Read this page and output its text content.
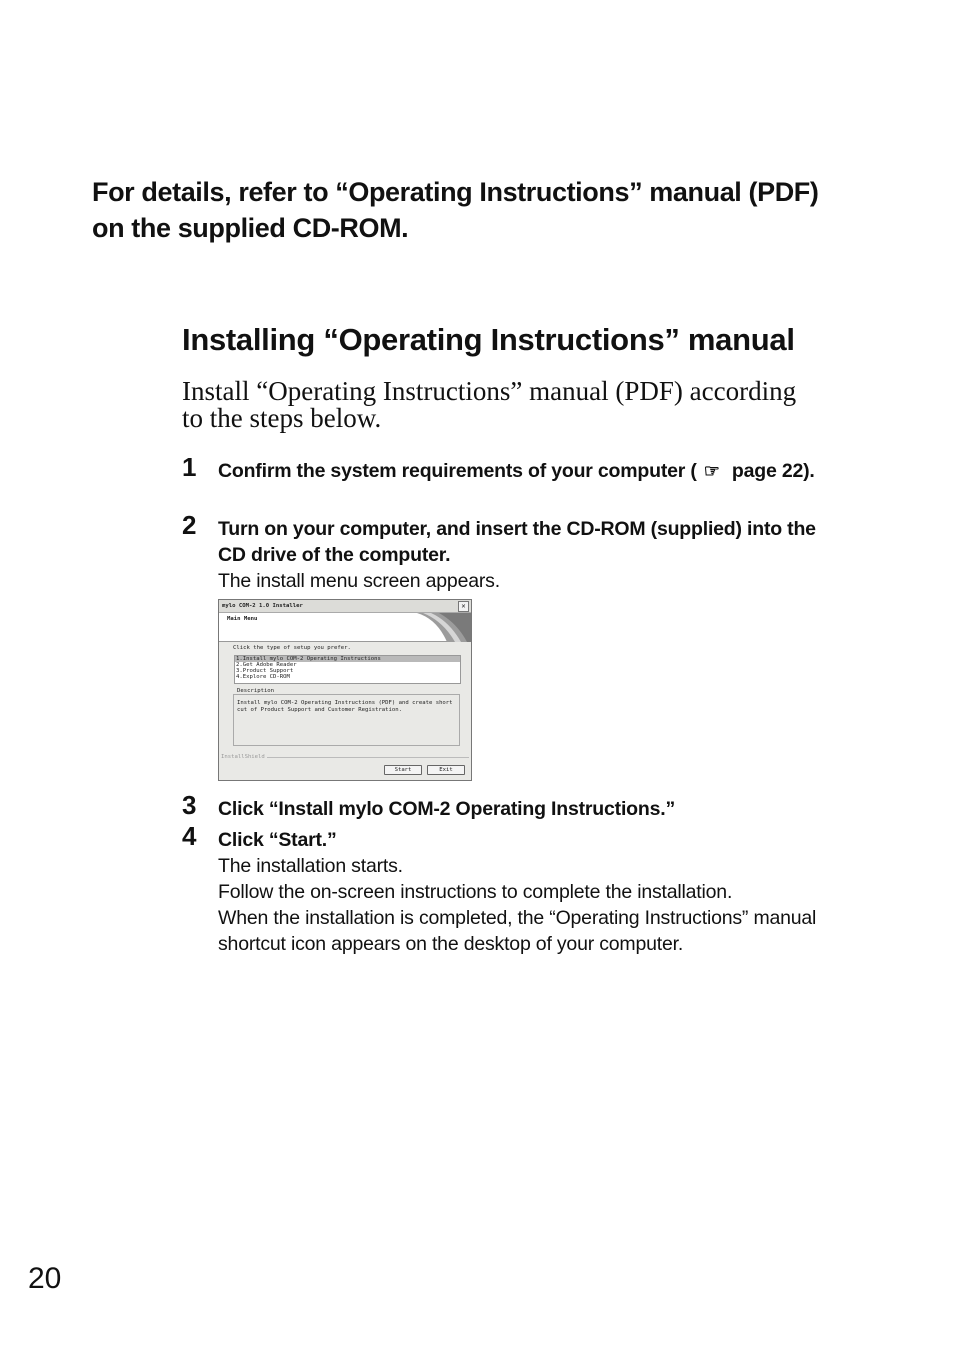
For details, refer to “Operating Instructions” manual (PDF) on the supplied CD-ROM.

Installing “Operating Instructions” manual

Install “Operating Instructions” manual (PDF) according to the steps below.

1 Confirm the system requirements of your computer ( ☞ page 22).
2 Turn on your computer, and insert the CD-ROM (supplied) into the CD drive of the computer.
The install menu screen appears.
mylo COM-2 1.0 Installer	✕
Main Menu
Click the type of setup you prefer.
1.Install mylo COM-2 Operating Instructions
2.Get Adobe Reader
3.Product Support
4.Explore CD-ROM
Install mylo COM-2 Operating Instructions (PDF) and create short cut of Product Support and Customer Registration.
Description
InstallShield
Start	Exit
3 Click “Install mylo COM-2 Operating Instructions.”
4 Click “Start.”
The installation starts.
Follow the on-screen instructions to complete the installation.
When the installation is completed, the “Operating Instructions” manual shortcut icon appears on the desktop of your computer.

20
